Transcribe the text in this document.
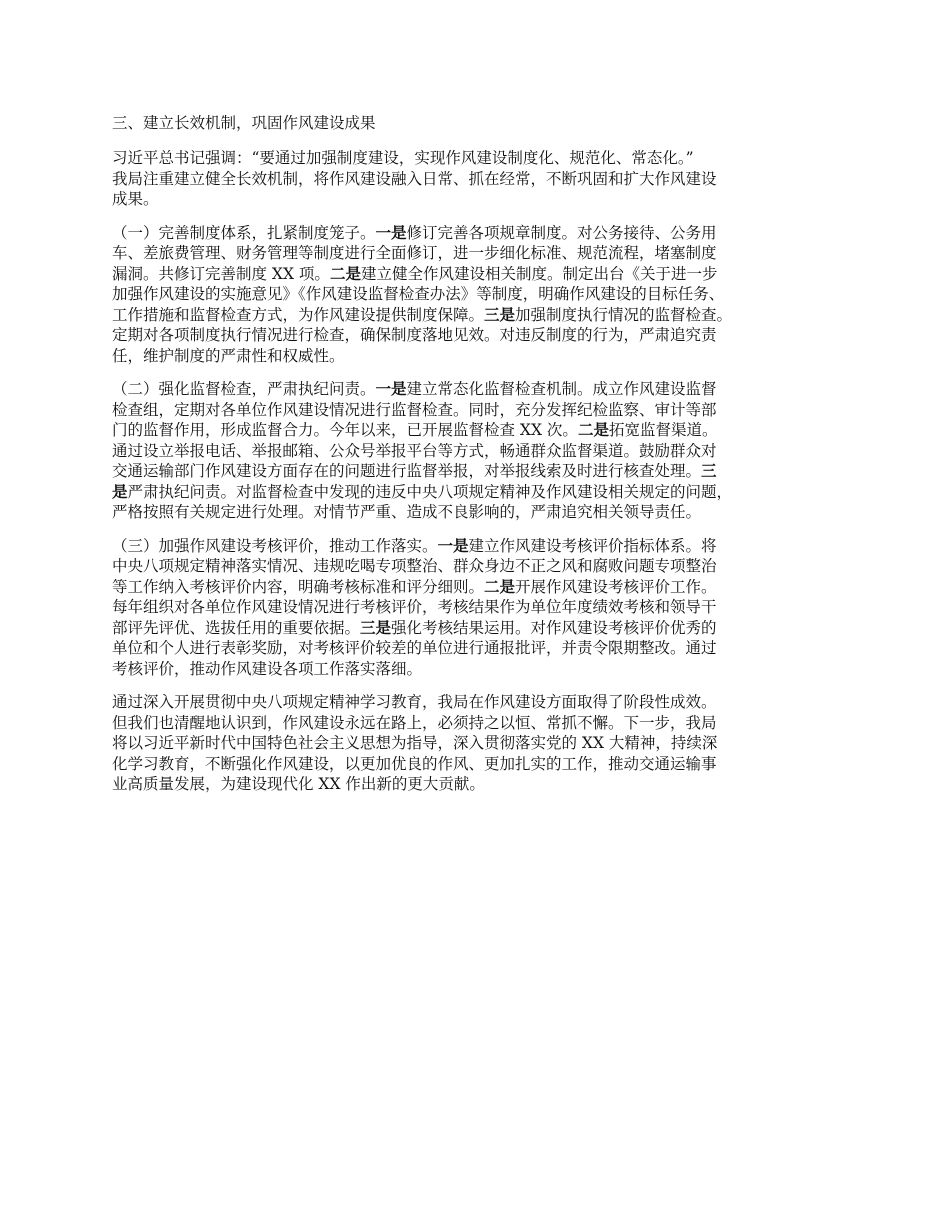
三、建立长效机制，巩固作风建设成果
习近平总书记强调：“要通过加强制度建设，实现作风建设制度化、规范化、常态化。”
我局注重建立健全长效机制，将作风建设融入日常、抓在经常，不断巩固和扩大作风建设
成果。
（一）完善制度体系，扎紧制度笼子。一是修订完善各项规章制度。对公务接待、公务用
车、差旅费管理、财务管理等制度进行全面修订，进一步细化标准、规范流程，堵塞制度
漏洞。共修订完善制度 XX 项。二是建立健全作风建设相关制度。制定出台《关于进一步
加强作风建设的实施意见》《作风建设监督检查办法》等制度，明确作风建设的目标任务、
工作措施和监督检查方式，为作风建设提供制度保障。三是加强制度执行情况的监督检查。
定期对各项制度执行情况进行检查，确保制度落地见效。对违反制度的行为，严肃追究责
任，维护制度的严肃性和权威性。
（二）强化监督检查，严肃执纪问责。一是建立常态化监督检查机制。成立作风建设监督
检查组，定期对各单位作风建设情况进行监督检查。同时，充分发挥纪检监察、审计等部
门的监督作用，形成监督合力。今年以来，已开展监督检查 XX 次。二是拓宽监督渠道。
通过设立举报电话、举报邮箱、公众号举报平台等方式，畅通群众监督渠道。鼓励群众对
交通运输部门作风建设方面存在的问题进行监督举报，对举报线索及时进行核查处理。三
是严肃执纪问责。对监督检查中发现的违反中央八项规定精神及作风建设相关规定的问题，
严格按照有关规定进行处理。对情节严重、造成不良影响的，严肃追究相关领导责任。
（三）加强作风建设考核评价，推动工作落实。一是建立作风建设考核评价指标体系。将
中央八项规定精神落实情况、违规吃喝专项整治、群众身边不正之风和腐败问题专项整治
等工作纳入考核评价内容，明确考核标准和评分细则。二是开展作风建设考核评价工作。
每年组织对各单位作风建设情况进行考核评价，考核结果作为单位年度绩效考核和领导干
部评先评优、选拔任用的重要依据。三是强化考核结果运用。对作风建设考核评价优秀的
单位和个人进行表彰奖励，对考核评价较差的单位进行通报批评，并责令限期整改。通过
考核评价，推动作风建设各项工作落实落细。
通过深入开展贯彻中央八项规定精神学习教育，我局在作风建设方面取得了阶段性成效。
但我们也清醒地认识到，作风建设永远在路上，必须持之以恒、常抓不懈。下一步，我局
将以习近平新时代中国特色社会主义思想为指导，深入贯彻落实党的 XX 大精神，持续深
化学习教育，不断强化作风建设，以更加优良的作风、更加扎实的工作，推动交通运输事
业高质量发展，为建设现代化 XX 作出新的更大贡献。
